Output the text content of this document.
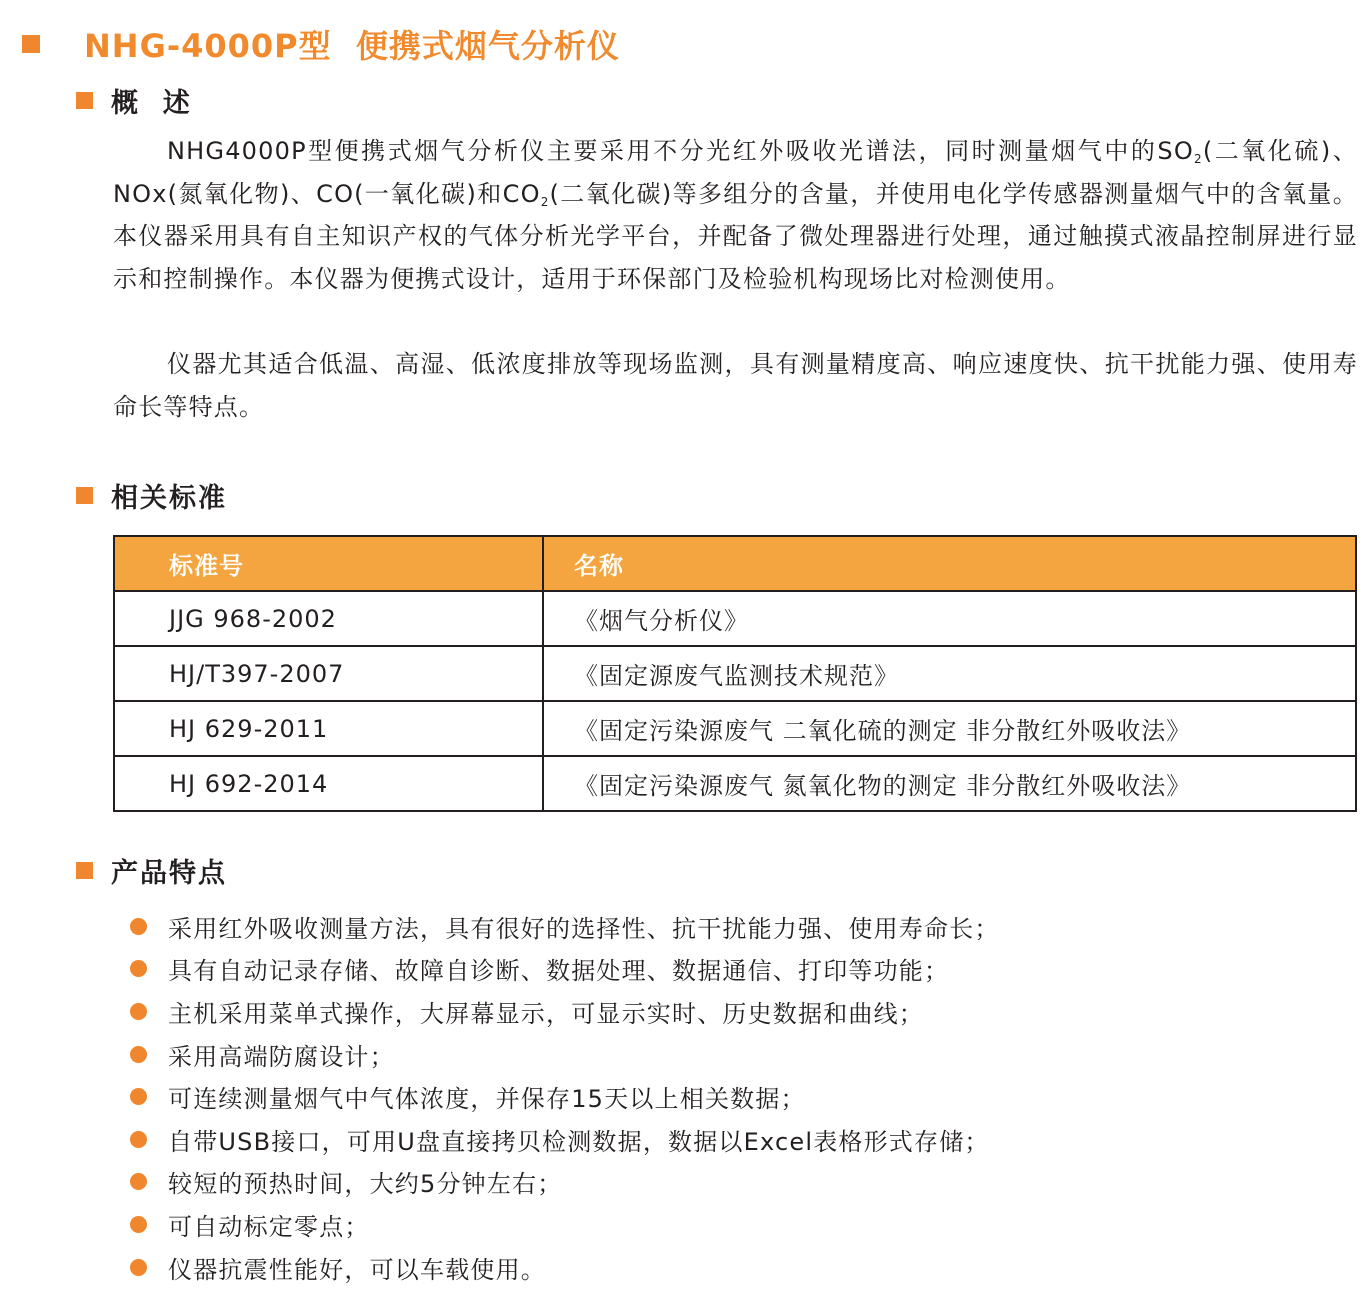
NHG-4000P型  便携式烟气分析仪
概  述

NHG4000P型便携式烟气分析仪主要采用不分光红外吸收光谱法，同时测量烟气中的$SO_2$(二氧化硫)、NOx(氮氧化物)、CO(一氧化碳)和$CO_2$(二氧化碳)等多组分的含量，并使用电化学传感器测量烟气中的含氧量。本仪器采用具有自主知识产权的气体分析光学平台，并配备了微处理器进行处理，通过触摸式液晶控制屏进行显示和控制操作。本仪器为便携式设计，适用于环保部门及检验机构现场比对检测使用。

仪器尤其适合低温、高湿、低浓度排放等现场监测，具有测量精度高、响应速度快、抗干扰能力强、使用寿命长等特点。

相关标准
标准号	名称
JJG 968-2002	《烟气分析仪》
HJ/T397-2007	《固定源废气监测技术规范》
HJ 629-2011	《固定污染源废气 二氧化硫的测定 非分散红外吸收法》
HJ 692-2014	《固定污染源废气 氮氧化物的测定 非分散红外吸收法》
产品特点
采用红外吸收测量方法，具有很好的选择性、抗干扰能力强、使用寿命长；
具有自动记录存储、故障自诊断、数据处理、数据通信、打印等功能；
主机采用菜单式操作，大屏幕显示，可显示实时、历史数据和曲线；
采用高端防腐设计；
可连续测量烟气中气体浓度，并保存15天以上相关数据；
自带USB接口，可用U盘直接拷贝检测数据，数据以Excel表格形式存储；
较短的预热时间，大约5分钟左右；
可自动标定零点；
仪器抗震性能好，可以车载使用。
